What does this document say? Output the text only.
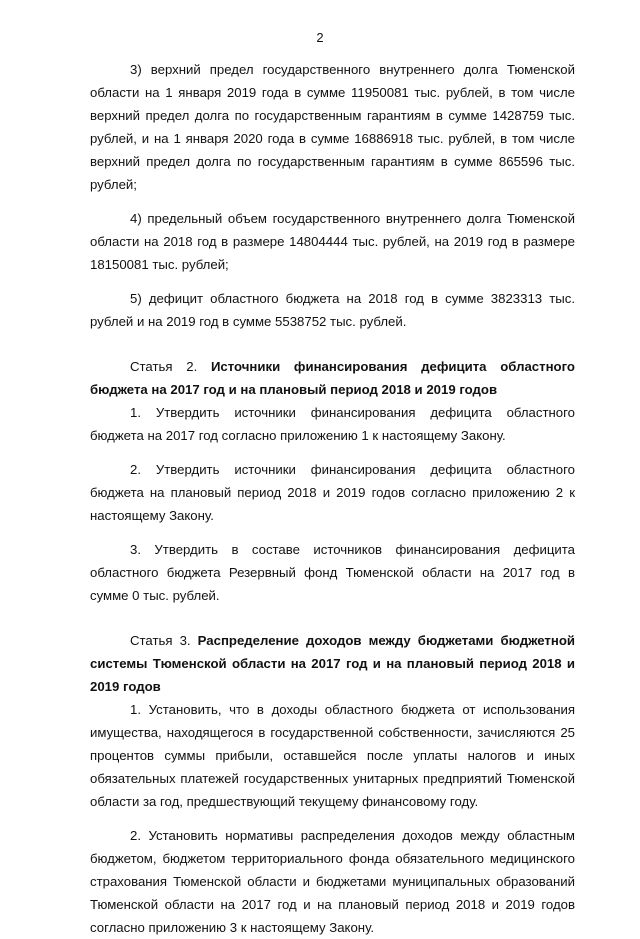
2

3) верхний предел государственного внутреннего долга Тюменской области на 1 января 2019 года в сумме 11950081 тыс. рублей, в том числе верхний предел долга по государственным гарантиям в сумме 1428759 тыс. рублей, и на 1 января 2020 года в сумме 16886918 тыс. рублей, в том числе верхний предел долга по государственным гарантиям в сумме 865596 тыс. рублей;

4) предельный объем государственного внутреннего долга Тюменской области на 2018 год в размере 14804444 тыс. рублей, на 2019 год в размере 18150081 тыс. рублей;

5) дефицит областного бюджета на 2018 год в сумме 3823313 тыс. рублей и на 2019 год в сумме 5538752 тыс. рублей.

Статья 2. Источники финансирования дефицита областного бюджета на 2017 год и на плановый период 2018 и 2019 годов

1. Утвердить источники финансирования дефицита областного бюджета на 2017 год согласно приложению 1 к настоящему Закону.

2. Утвердить источники финансирования дефицита областного бюджета на плановый период 2018 и 2019 годов согласно приложению 2 к настоящему Закону.

3. Утвердить в составе источников финансирования дефицита областного бюджета Резервный фонд Тюменской области на 2017 год в сумме 0 тыс. рублей.

Статья 3. Распределение доходов между бюджетами бюджетной системы Тюменской области на 2017 год и на плановый период 2018 и 2019 годов

1. Установить, что в доходы областного бюджета от использования имущества, находящегося в государственной собственности, зачисляются 25 процентов суммы прибыли, оставшейся после уплаты налогов и иных обязательных платежей государственных унитарных предприятий Тюменской области за год, предшествующий текущему финансовому году.

2. Установить нормативы распределения доходов между областным бюджетом, бюджетом территориального фонда обязательного медицинского страхования Тюменской области и бюджетами муниципальных образований Тюменской области на 2017 год и на плановый период 2018 и 2019 годов согласно приложению 3 к настоящему Закону.
